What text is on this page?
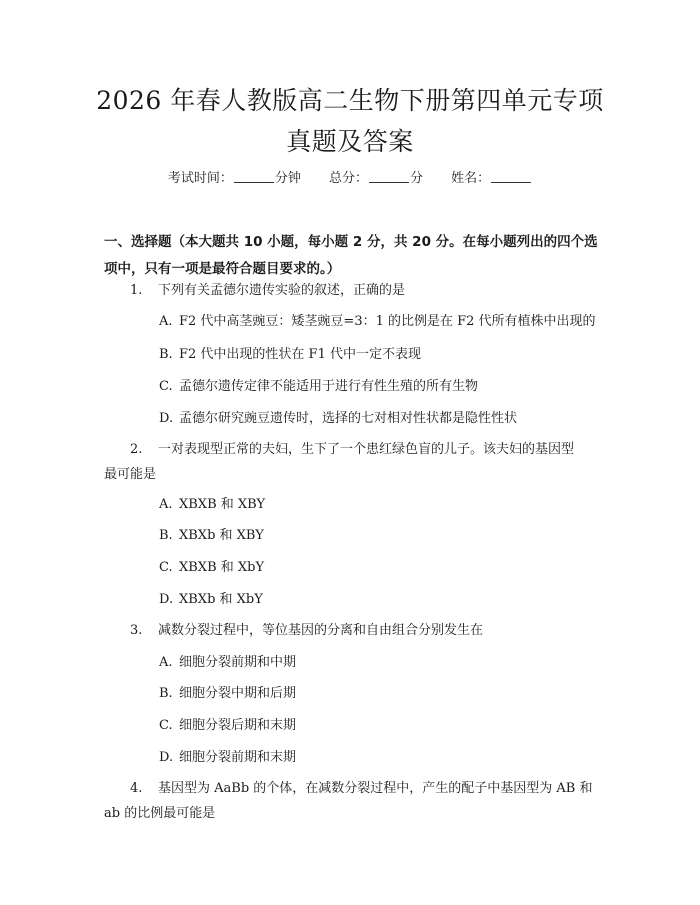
2026 年春人教版高二生物下册第四单元专项
真题及答案
考试时间：	分钟 总分：	分 姓名：
一、选择题（本大题共 10 小题，每小题 2 分，共 20 分。在每小题列出的四个选项中，只有一项是最符合题目要求的。）
1. 下列有关孟德尔遗传实验的叙述，正确的是
A. F2 代中高茎豌豆：矮茎豌豆=3：1 的比例是在 F2 代所有植株中出现的
B. F2 代中出现的性状在 F1 代中一定不表现
C. 孟德尔遗传定律不能适用于进行有性生殖的所有生物
D. 孟德尔研究豌豆遗传时，选择的七对相对性状都是隐性性状
2. 一对表现型正常的夫妇，生下了一个患红绿色盲的儿子。该夫妇的基因型
最可能是
A. XBXB 和 XBY
B. XBXb 和 XBY
C. XBXB 和 XbY
D. XBXb 和 XbY
3. 减数分裂过程中，等位基因的分离和自由组合分别发生在
A. 细胞分裂前期和中期
B. 细胞分裂中期和后期
C. 细胞分裂后期和末期
D. 细胞分裂前期和末期
4. 基因型为 AaBb 的个体，在减数分裂过程中，产生的配子中基因型为 AB 和
ab 的比例最可能是
